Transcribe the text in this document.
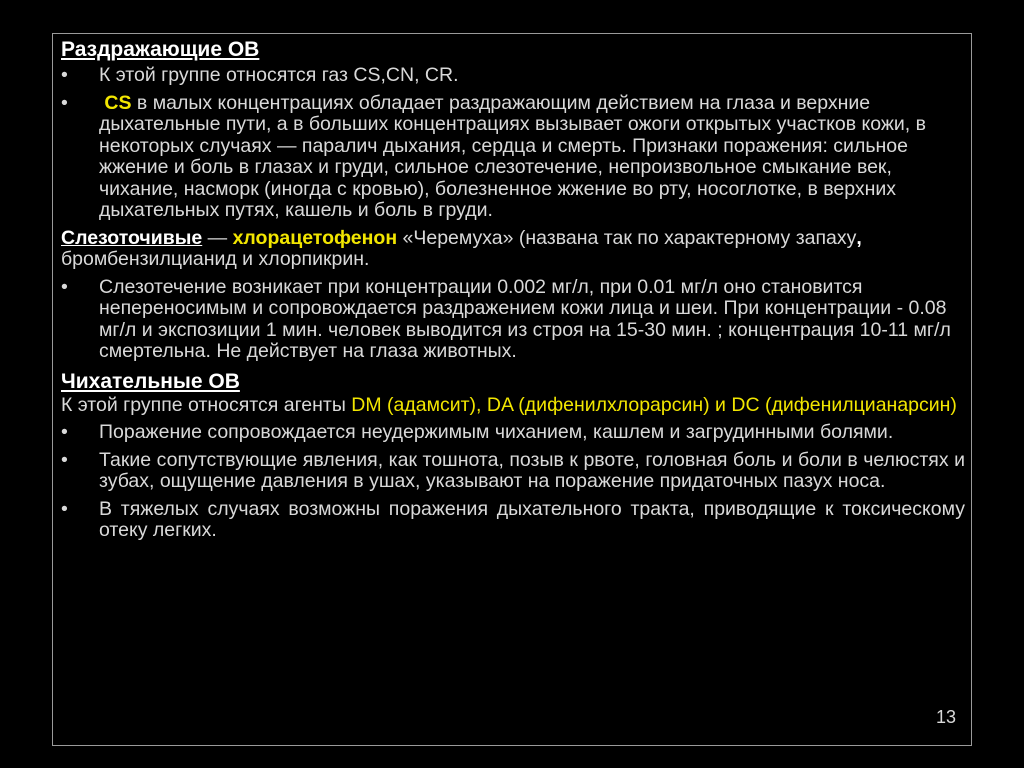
Раздражающие ОВ
•	К этой группе относятся газ CS,CN, CR.
•	CS в малых концентрациях обладает раздражающим действием на глаза и верхние дыхательные пути, а в больших концентрациях вызывает ожоги открытых участков кожи, в некоторых случаях — паралич дыхания, сердца и смерть. Признаки поражения: сильное жжение и боль в глазах и груди, сильное слезотечение, непроизвольное смыкание век, чихание, насморк (иногда с кровью), болезненное жжение во рту, носоглотке, в верхних дыхательных путях, кашель и боль в груди.
Слезоточивые — хлорацетофенон «Черемуха» (названа так по характерному запаху, бромбензилцианид и хлорпикрин.
•	Слезотечение возникает при концентрации 0.002 мг/л, при 0.01 мг/л оно становится непереносимым и сопровождается раздражением кожи лица и шеи. При концентрации - 0.08 мг/л и экспозиции 1 мин. человек выводится из строя на 15-30 мин. ; концентрация 10-11 мг/л смертельна. Не действует на глаза животных.
Чихательные ОВ
К этой группе относятся агенты DM (адамсит), DA (дифенилхлорарсин) и DC (дифенилцианарсин)
•	Поражение сопровождается неудержимым чиханием, кашлем и загрудинными болями.
•	Такие сопутствующие явления, как тошнота, позыв к рвоте, головная боль и боли в челюстях и зубах, ощущение давления в ушах, указывают на поражение придаточных пазух носа.
•	В тяжелых случаях возможны поражения дыхательного тракта, приводящие к токсическому отеку легких.
13
